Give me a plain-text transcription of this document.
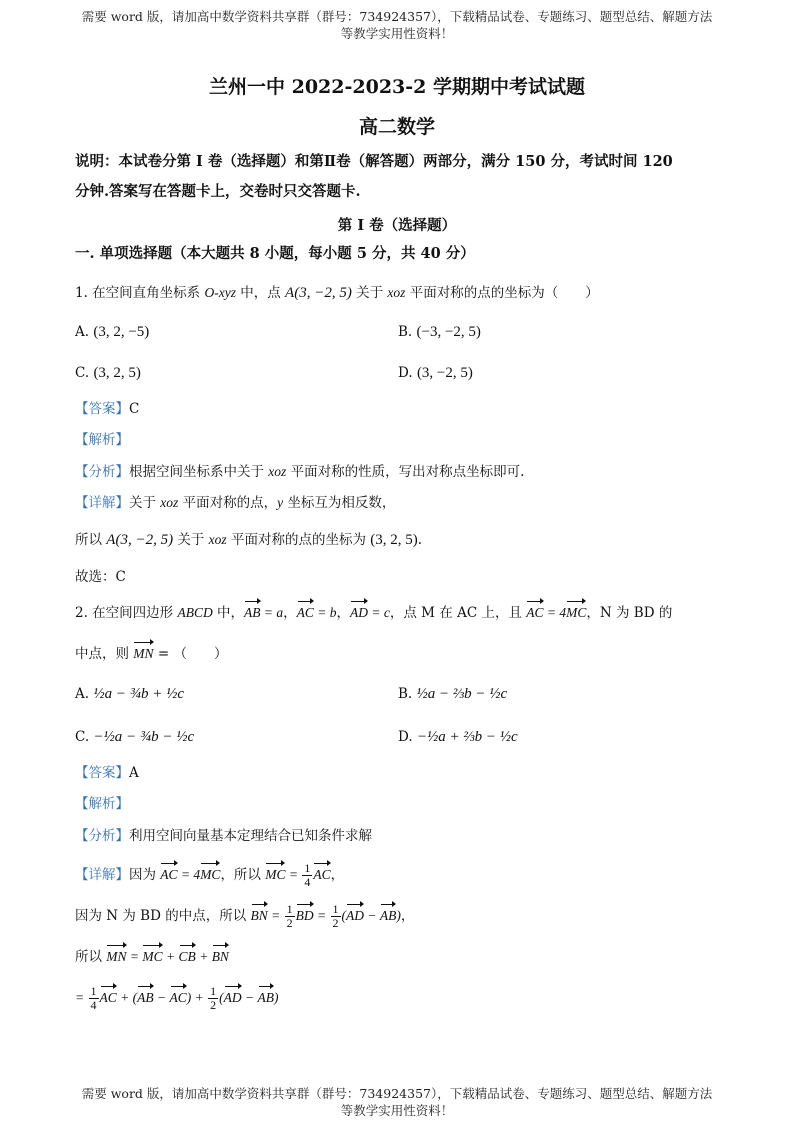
需要 word 版，请加高中数学资料共享群（群号：734924357），下载精品试卷、专题练习、题型总结、解题方法
等教学实用性资料！
兰州一中 2022-2023-2 学期期中考试试题
高二数学
说明：本试卷分第 I 卷（选择题）和第Ⅱ卷（解答题）两部分，满分 150 分，考试时间 120
分钟.答案写在答题卡上，交卷时只交答题卡.
第 I 卷（选择题）
一. 单项选择题（本大题共 8 小题，每小题 5 分，共 40 分）
1. 在空间直角坐标系 O-xyz 中，点 A(3, −2, 5) 关于 xoz 平面对称的点的坐标为（　　）
A. (3, 2, −5)	B. (−3, −2, 5)
C. (3, 2, 5)	D. (3, −2, 5)
【答案】C
【解析】
【分析】根据空间坐标系中关于 xoz 平面对称的性质，写出对称点坐标即可.
【详解】关于 xoz 平面对称的点，y 坐标互为相反数，
所以 A(3, −2, 5) 关于 xoz 平面对称的点的坐标为 (3, 2, 5).
故选：C
2. 在空间四边形 ABCD 中，AB = a，AC = b，AD = c，点 M 在 AC 上，且 AC = 4MC，N 为 BD 的
中点，则 MN = （　　）
A. ½a − ¾b + ½c	B. ½a − ⅔b − ½c
C. −½a − ¾b − ½c	D. −½a + ⅔b − ½c
【答案】A
【解析】
【分析】利用空间向量基本定理结合已知条件求解
【详解】因为 AC = 4MC，所以 MC = $\frac{1}{4}$ AC，
因为 N 为 BD 的中点，所以 BN = $\frac{1}{2}$ BD = $\frac{1}{2} (AD - AB)$，
所以 MN = MC + CB + BN
= $\frac{1}{4}$ AC + $(AB - AC) + \frac{1}{2} (AD - AB)$
需要 word 版，请加高中数学资料共享群（群号：734924357），下载精品试卷、专题练习、题型总结、解题方法
等教学实用性资料！
